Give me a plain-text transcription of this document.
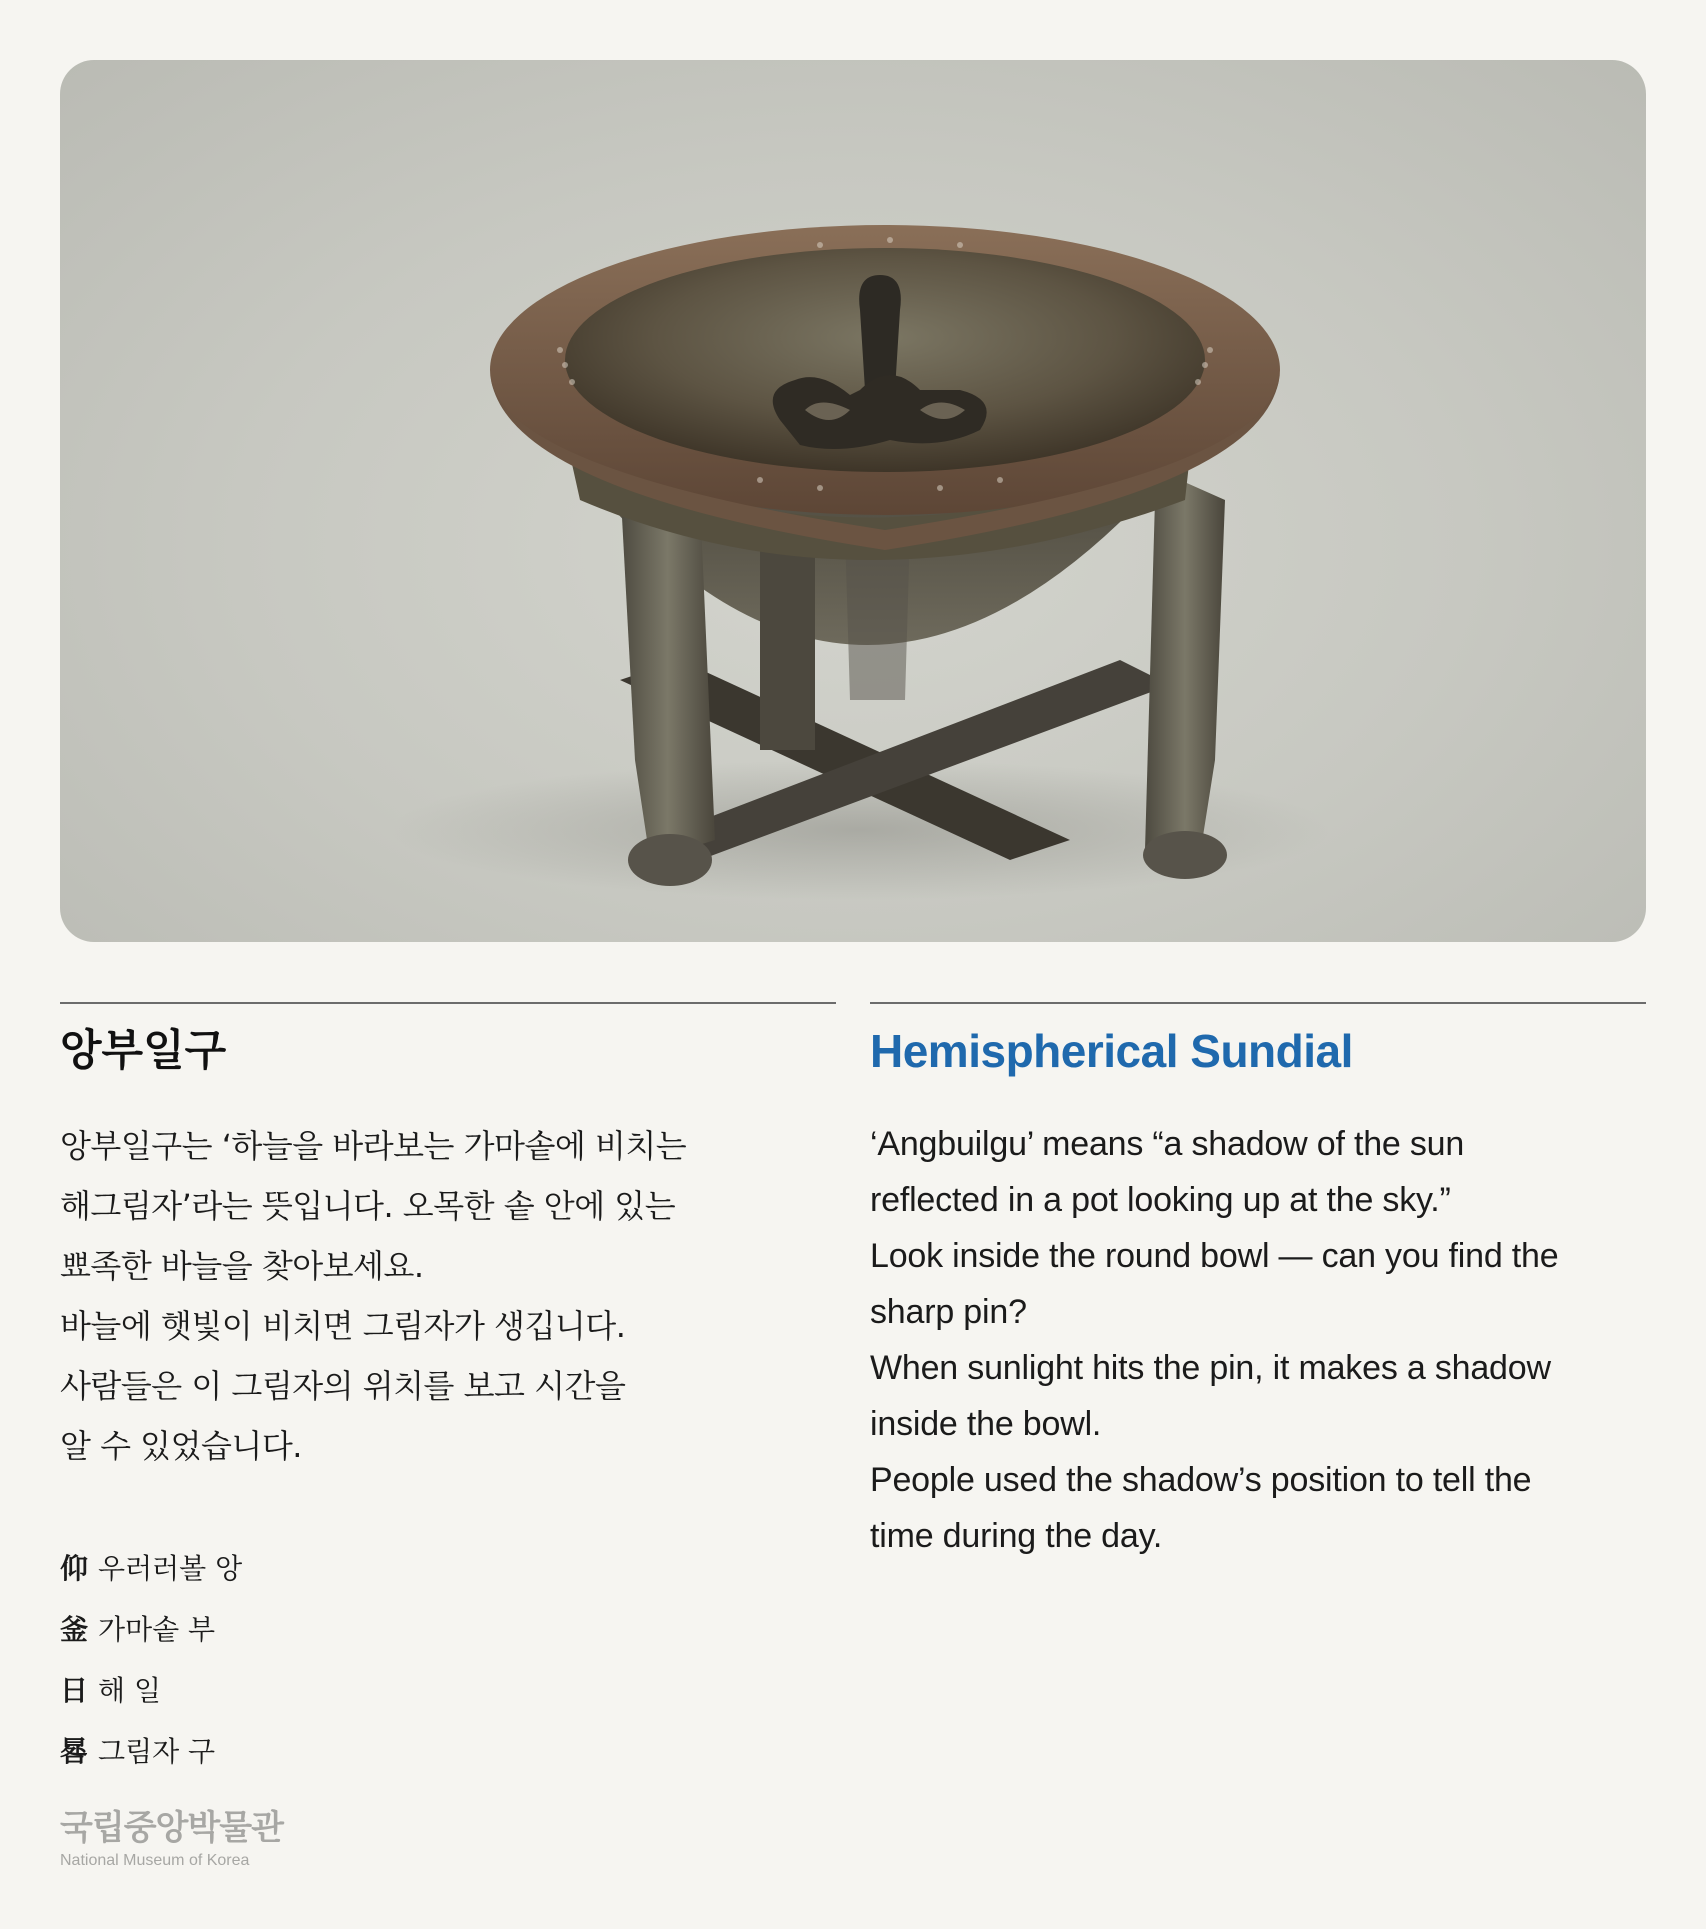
앙부일구
앙부일구는 ‘하늘을 바라보는 가마솥에 비치는
해그림자’라는 뜻입니다. 오목한 솥 안에 있는
뾰족한 바늘을 찾아보세요.
바늘에 햇빛이 비치면 그림자가 생깁니다.
사람들은 이 그림자의 위치를 보고 시간을
알 수 있었습니다.
仰 우러러볼 앙
釜 가마솥 부
日 해 일
晷 그림자 구
Hemispherical Sundial
‘Angbuilgu’ means “a shadow of the sun
reflected in a pot looking up at the sky.”
Look inside the round bowl — can you find the
sharp pin?
When sunlight hits the pin, it makes a shadow
inside the bowl.
People used the shadow’s position to tell the
time during the day.
국립중앙박물관
National Museum of Korea
